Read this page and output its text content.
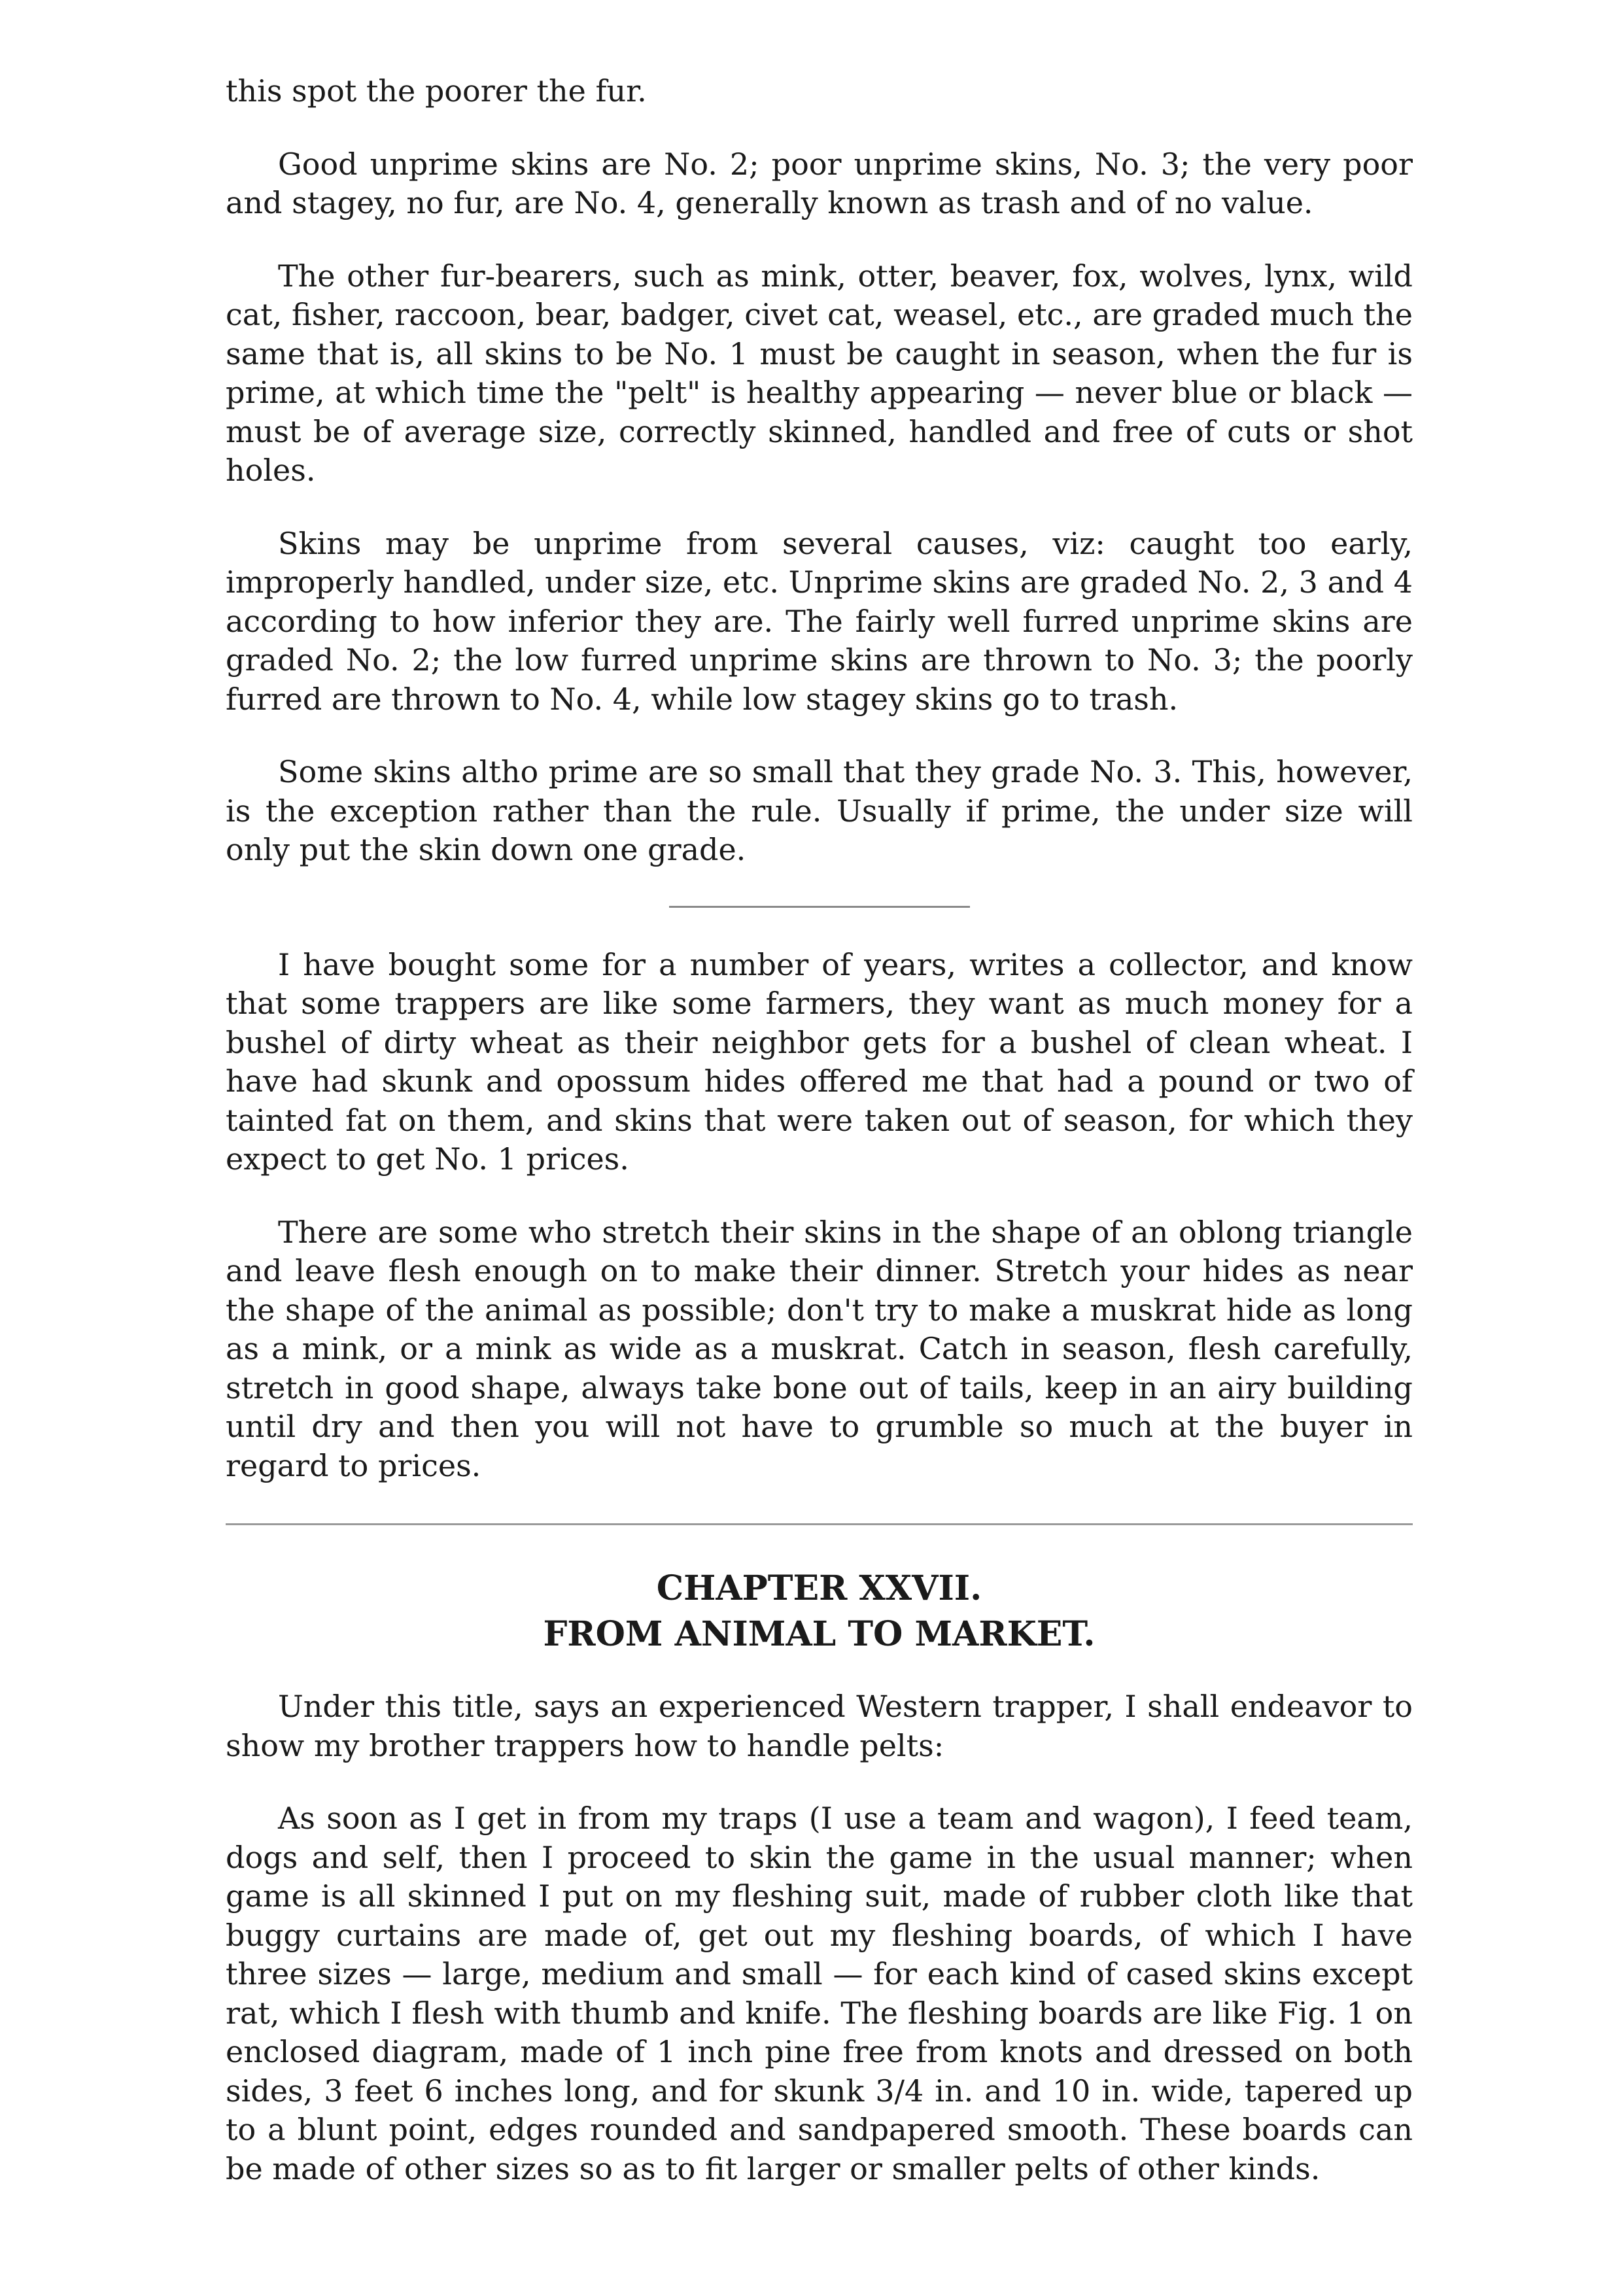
this spot the poorer the fur.

Good unprime skins are No. 2; poor unprime skins, No. 3; the very poor and stagey, no fur, are No. 4, generally known as trash and of no value.

The other fur-bearers, such as mink, otter, beaver, fox, wolves, lynx, wild cat, fisher, raccoon, bear, badger, civet cat, weasel, etc., are graded much the same that is, all skins to be No. 1 must be caught in season, when the fur is prime, at which time the "pelt" is healthy appearing — never blue or black — must be of average size, correctly skinned, handled and free of cuts or shot holes.

Skins may be unprime from several causes, viz: caught too early, improperly handled, under size, etc. Unprime skins are graded No. 2, 3 and 4 according to how inferior they are. The fairly well furred unprime skins are graded No. 2; the low furred unprime skins are thrown to No. 3; the poorly furred are thrown to No. 4, while low stagey skins go to trash.

Some skins altho prime are so small that they grade No. 3. This, however, is the exception rather than the rule. Usually if prime, the under size will only put the skin down one grade.

I have bought some for a number of years, writes a collector, and know that some trappers are like some farmers, they want as much money for a bushel of dirty wheat as their neighbor gets for a bushel of clean wheat. I have had skunk and opossum hides offered me that had a pound or two of tainted fat on them, and skins that were taken out of season, for which they expect to get No. 1 prices.

There are some who stretch their skins in the shape of an oblong triangle and leave flesh enough on to make their dinner. Stretch your hides as near the shape of the animal as possible; don't try to make a muskrat hide as long as a mink, or a mink as wide as a muskrat. Catch in season, flesh carefully, stretch in good shape, always take bone out of tails, keep in an airy building until dry and then you will not have to grumble so much at the buyer in regard to prices.

CHAPTER XXVII.
FROM ANIMAL TO MARKET.

Under this title, says an experienced Western trapper, I shall endeavor to show my brother trappers how to handle pelts:

As soon as I get in from my traps (I use a team and wagon), I feed team, dogs and self, then I proceed to skin the game in the usual manner; when game is all skinned I put on my fleshing suit, made of rubber cloth like that buggy curtains are made of, get out my fleshing boards, of which I have three sizes — large, medium and small — for each kind of cased skins except rat, which I flesh with thumb and knife. The fleshing boards are like Fig. 1 on enclosed diagram, made of 1 inch pine free from knots and dressed on both sides, 3 feet 6 inches long, and for skunk 3/4 in. and 10 in. wide, tapered up to a blunt point, edges rounded and sandpapered smooth. These boards can be made of other sizes so as to fit larger or smaller pelts of other kinds.
